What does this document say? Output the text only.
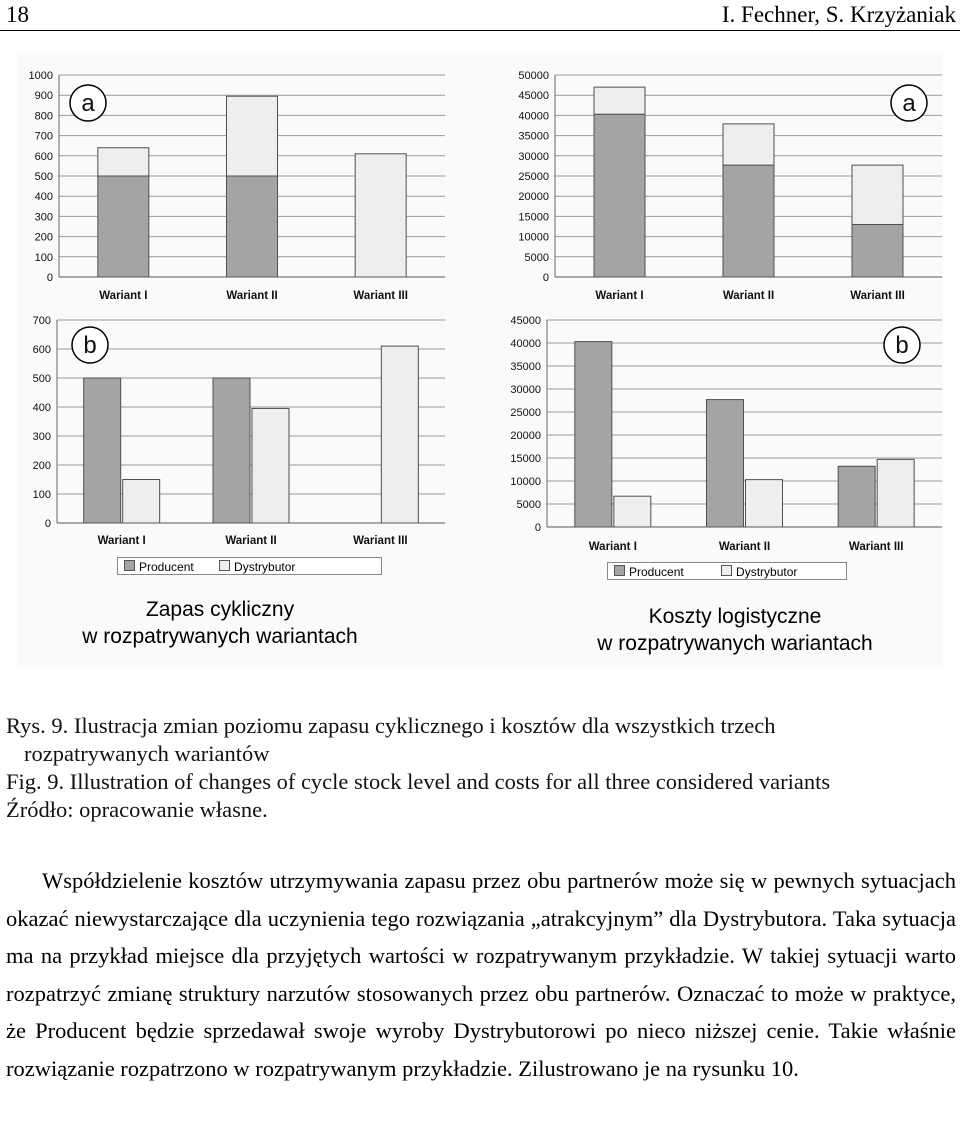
18	I. Fechner, S. Krzyżaniak
0
100
200
300
400
500
600
700
800
900
1000
Wariant I	Wariant II	Wariant III
a
0
5000
10000
15000
20000
25000
30000
35000
40000
45000
50000
Wariant I	Wariant II	Wariant III
a
0
100
200
300
400
500
600
700
Wariant I	Wariant II	Wariant III
b
0
5000
10000
15000
20000
25000
30000
35000
40000
45000
Wariant I	Wariant II	Wariant III
b
Producent	Dystrybutor	Producent	Dystrybutor
Zapas cykliczny
w rozpatrywanych wariantach
Koszty logistyczne
w rozpatrywanych wariantach
Rys. 9. Ilustracja zmian poziomu zapasu cyklicznego i kosztów dla wszystkich trzech
rozpatrywanych wariantów
Fig. 9. Illustration of changes of cycle stock level and costs for all three considered variants
Źródło: opracowanie własne.

Współdzielenie kosztów utrzymywania zapasu przez obu partnerów może się w pewnych sytuacjach okazać niewystarczające dla uczynienia tego rozwiązania „atrakcyjnym” dla Dystrybutora. Taka sytuacja ma na przykład miejsce dla przyjętych wartości w rozpatrywanym przykładzie. W takiej sytuacji warto rozpatrzyć zmianę struktury narzutów stosowanych przez obu partnerów. Oznaczać to może w praktyce, że Producent będzie sprzedawał swoje wyroby Dystrybutorowi po nieco niższej cenie. Takie właśnie rozwiązanie rozpatrzono w rozpatrywanym przykładzie. Zilustrowano je na rysunku 10.
